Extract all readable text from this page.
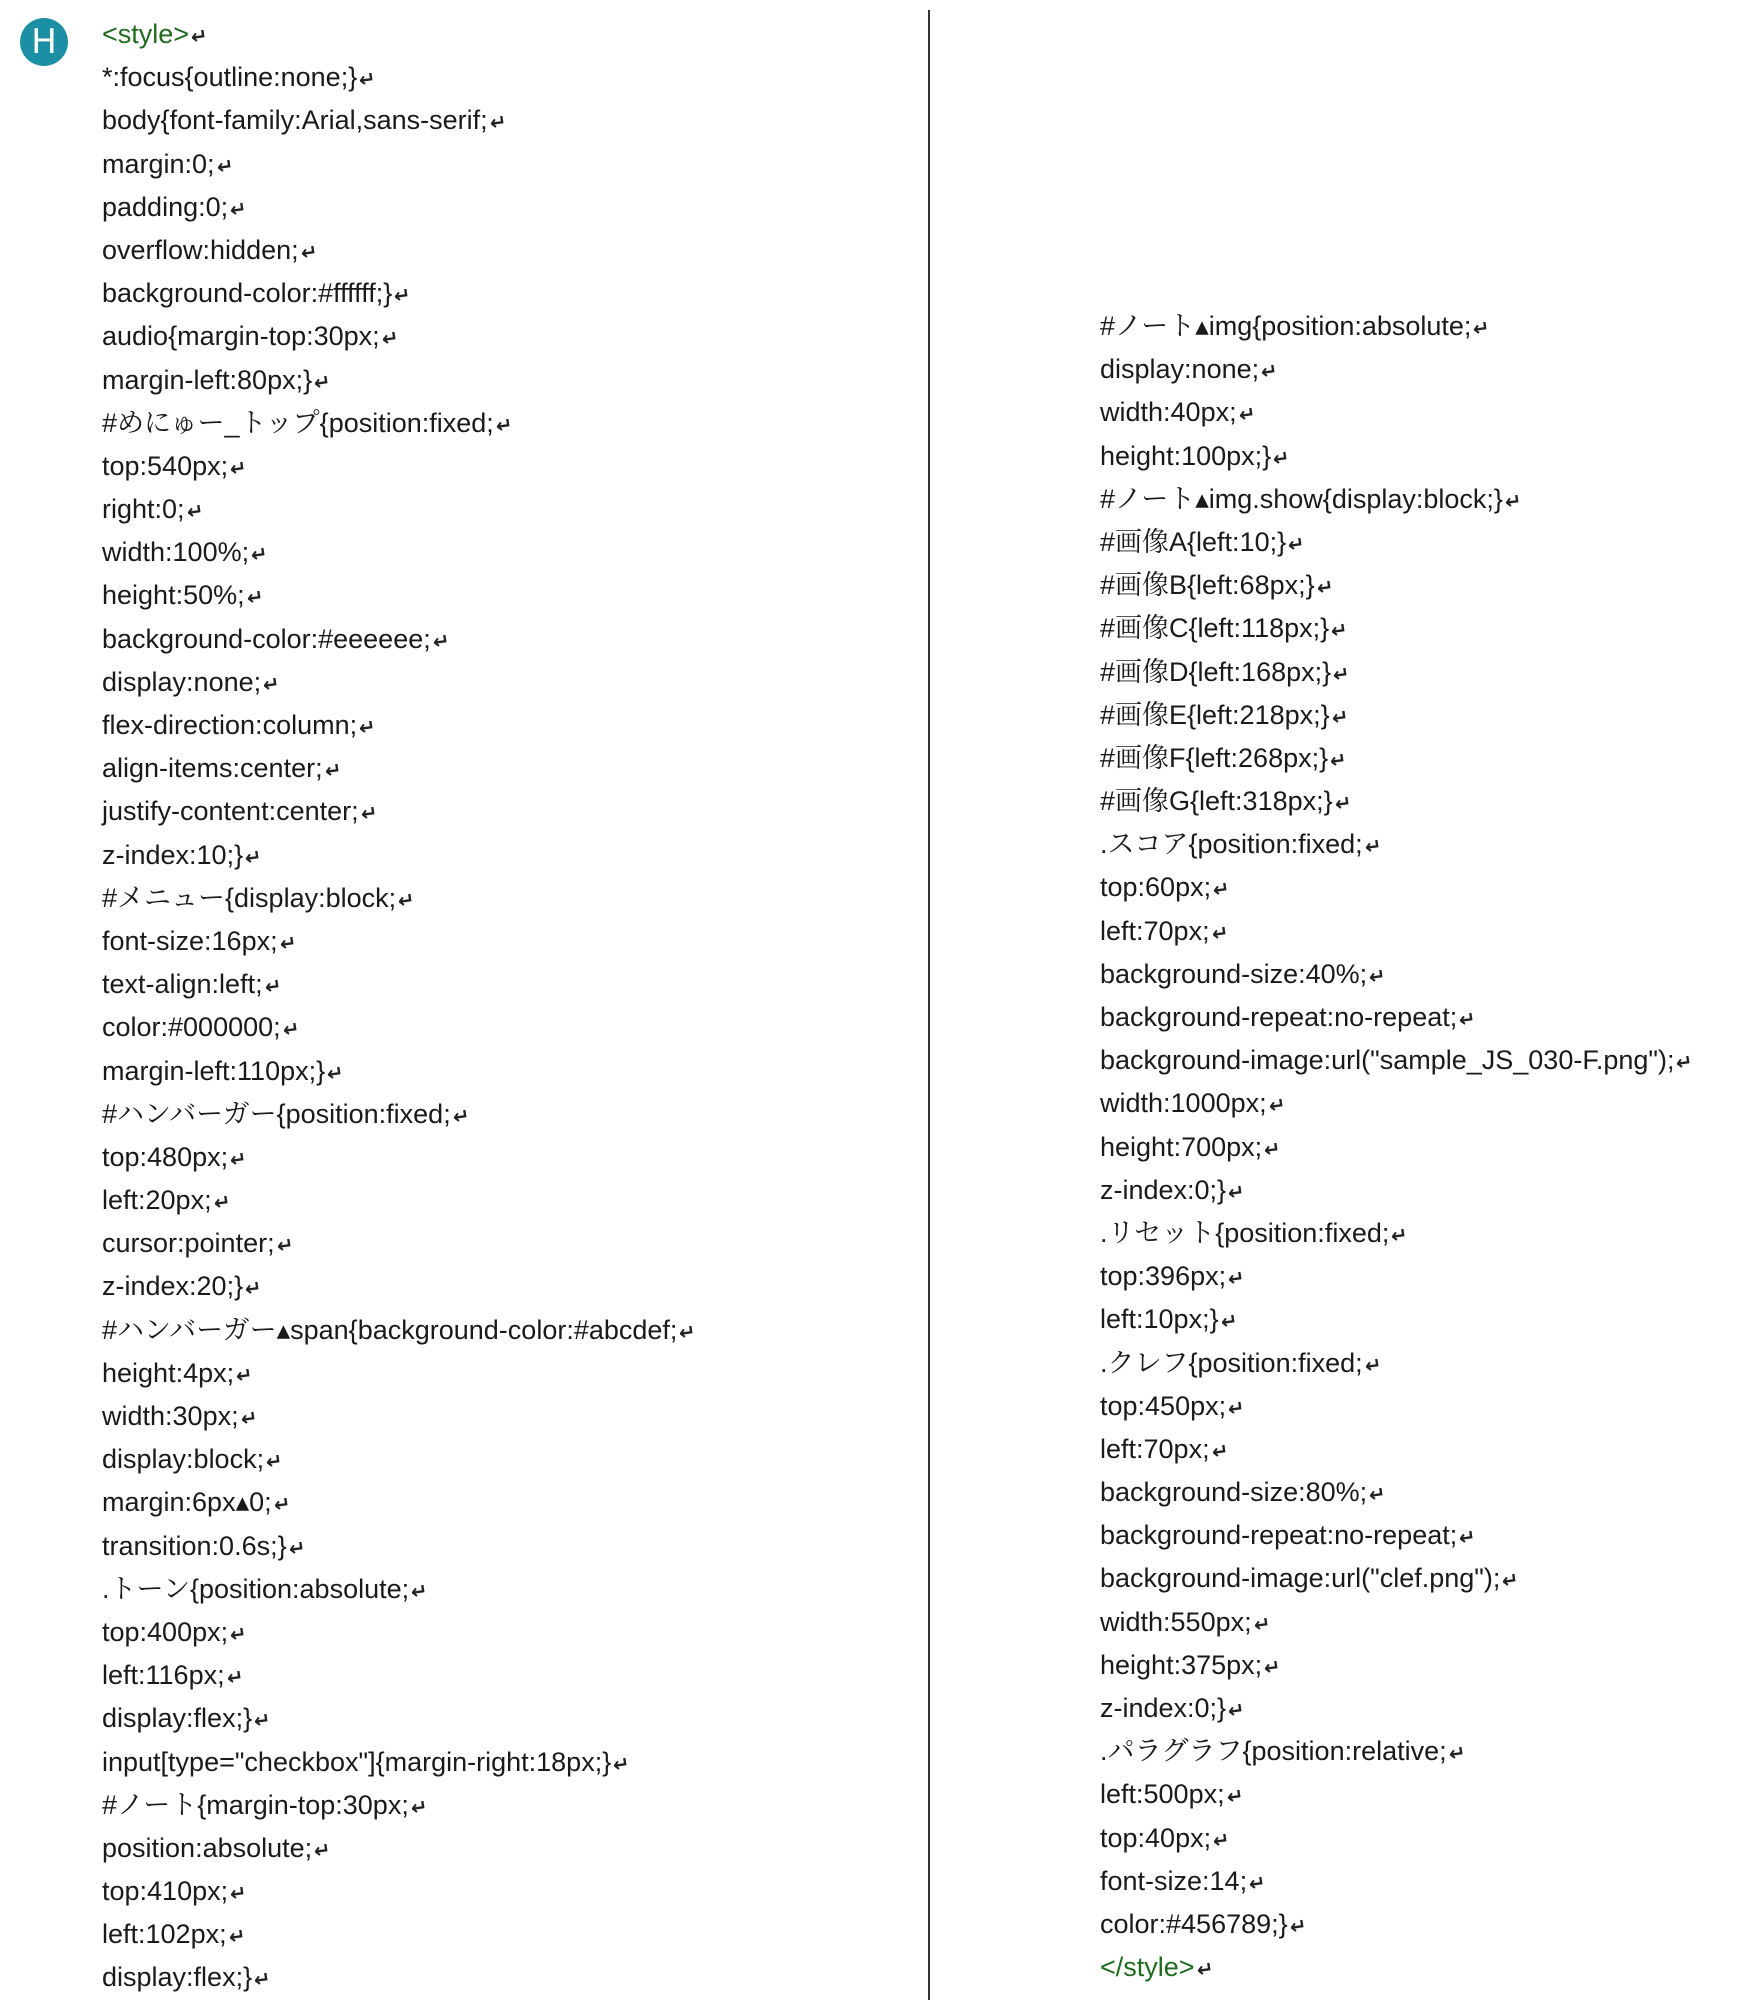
H	<style>↵
*:focus{outline:none;}↵
body{font-family:Arial,sans-serif;↵
margin:0;↵
padding:0;↵
overflow:hidden;↵
background-color:#ffffff;}↵
audio{margin-top:30px;↵
margin-left:80px;}↵
#めにゅー_トップ{position:fixed;↵
top:540px;↵
right:0;↵
width:100%;↵
height:50%;↵
background-color:#eeeeee;↵
display:none;↵
flex-direction:column;↵
align-items:center;↵
justify-content:center;↵
z-index:10;}↵
#メニュー{display:block;↵
font-size:16px;↵
text-align:left;↵
color:#000000;↵
margin-left:110px;}↵
#ハンバーガー{position:fixed;↵
top:480px;↵
left:20px;↵
cursor:pointer;↵
z-index:20;}↵
#ハンバーガー▴span{background-color:#abcdef;↵
height:4px;↵
width:30px;↵
display:block;↵
margin:6px▴0;↵
transition:0.6s;}↵
.トーン{position:absolute;↵
top:400px;↵
left:116px;↵
display:flex;}↵
input[type="checkbox"]{margin-right:18px;}↵
#ノート{margin-top:30px;↵
position:absolute;↵
top:410px;↵
left:102px;↵
display:flex;}↵
#ノート▴img{position:absolute;↵
display:none;↵
width:40px;↵
height:100px;}↵
#ノート▴img.show{display:block;}↵
#画像A{left:10;}↵
#画像B{left:68px;}↵
#画像C{left:118px;}↵
#画像D{left:168px;}↵
#画像E{left:218px;}↵
#画像F{left:268px;}↵
#画像G{left:318px;}↵
.スコア{position:fixed;↵
top:60px;↵
left:70px;↵
background-size:40%;↵
background-repeat:no-repeat;↵
background-image:url("sample_JS_030-F.png");↵
width:1000px;↵
height:700px;↵
z-index:0;}↵
.リセット{position:fixed;↵
top:396px;↵
left:10px;}↵
.クレフ{position:fixed;↵
top:450px;↵
left:70px;↵
background-size:80%;↵
background-repeat:no-repeat;↵
background-image:url("clef.png");↵
width:550px;↵
height:375px;↵
z-index:0;}↵
.パラグラフ{position:relative;↵
left:500px;↵
top:40px;↵
font-size:14;↵
color:#456789;}↵
</style>↵
